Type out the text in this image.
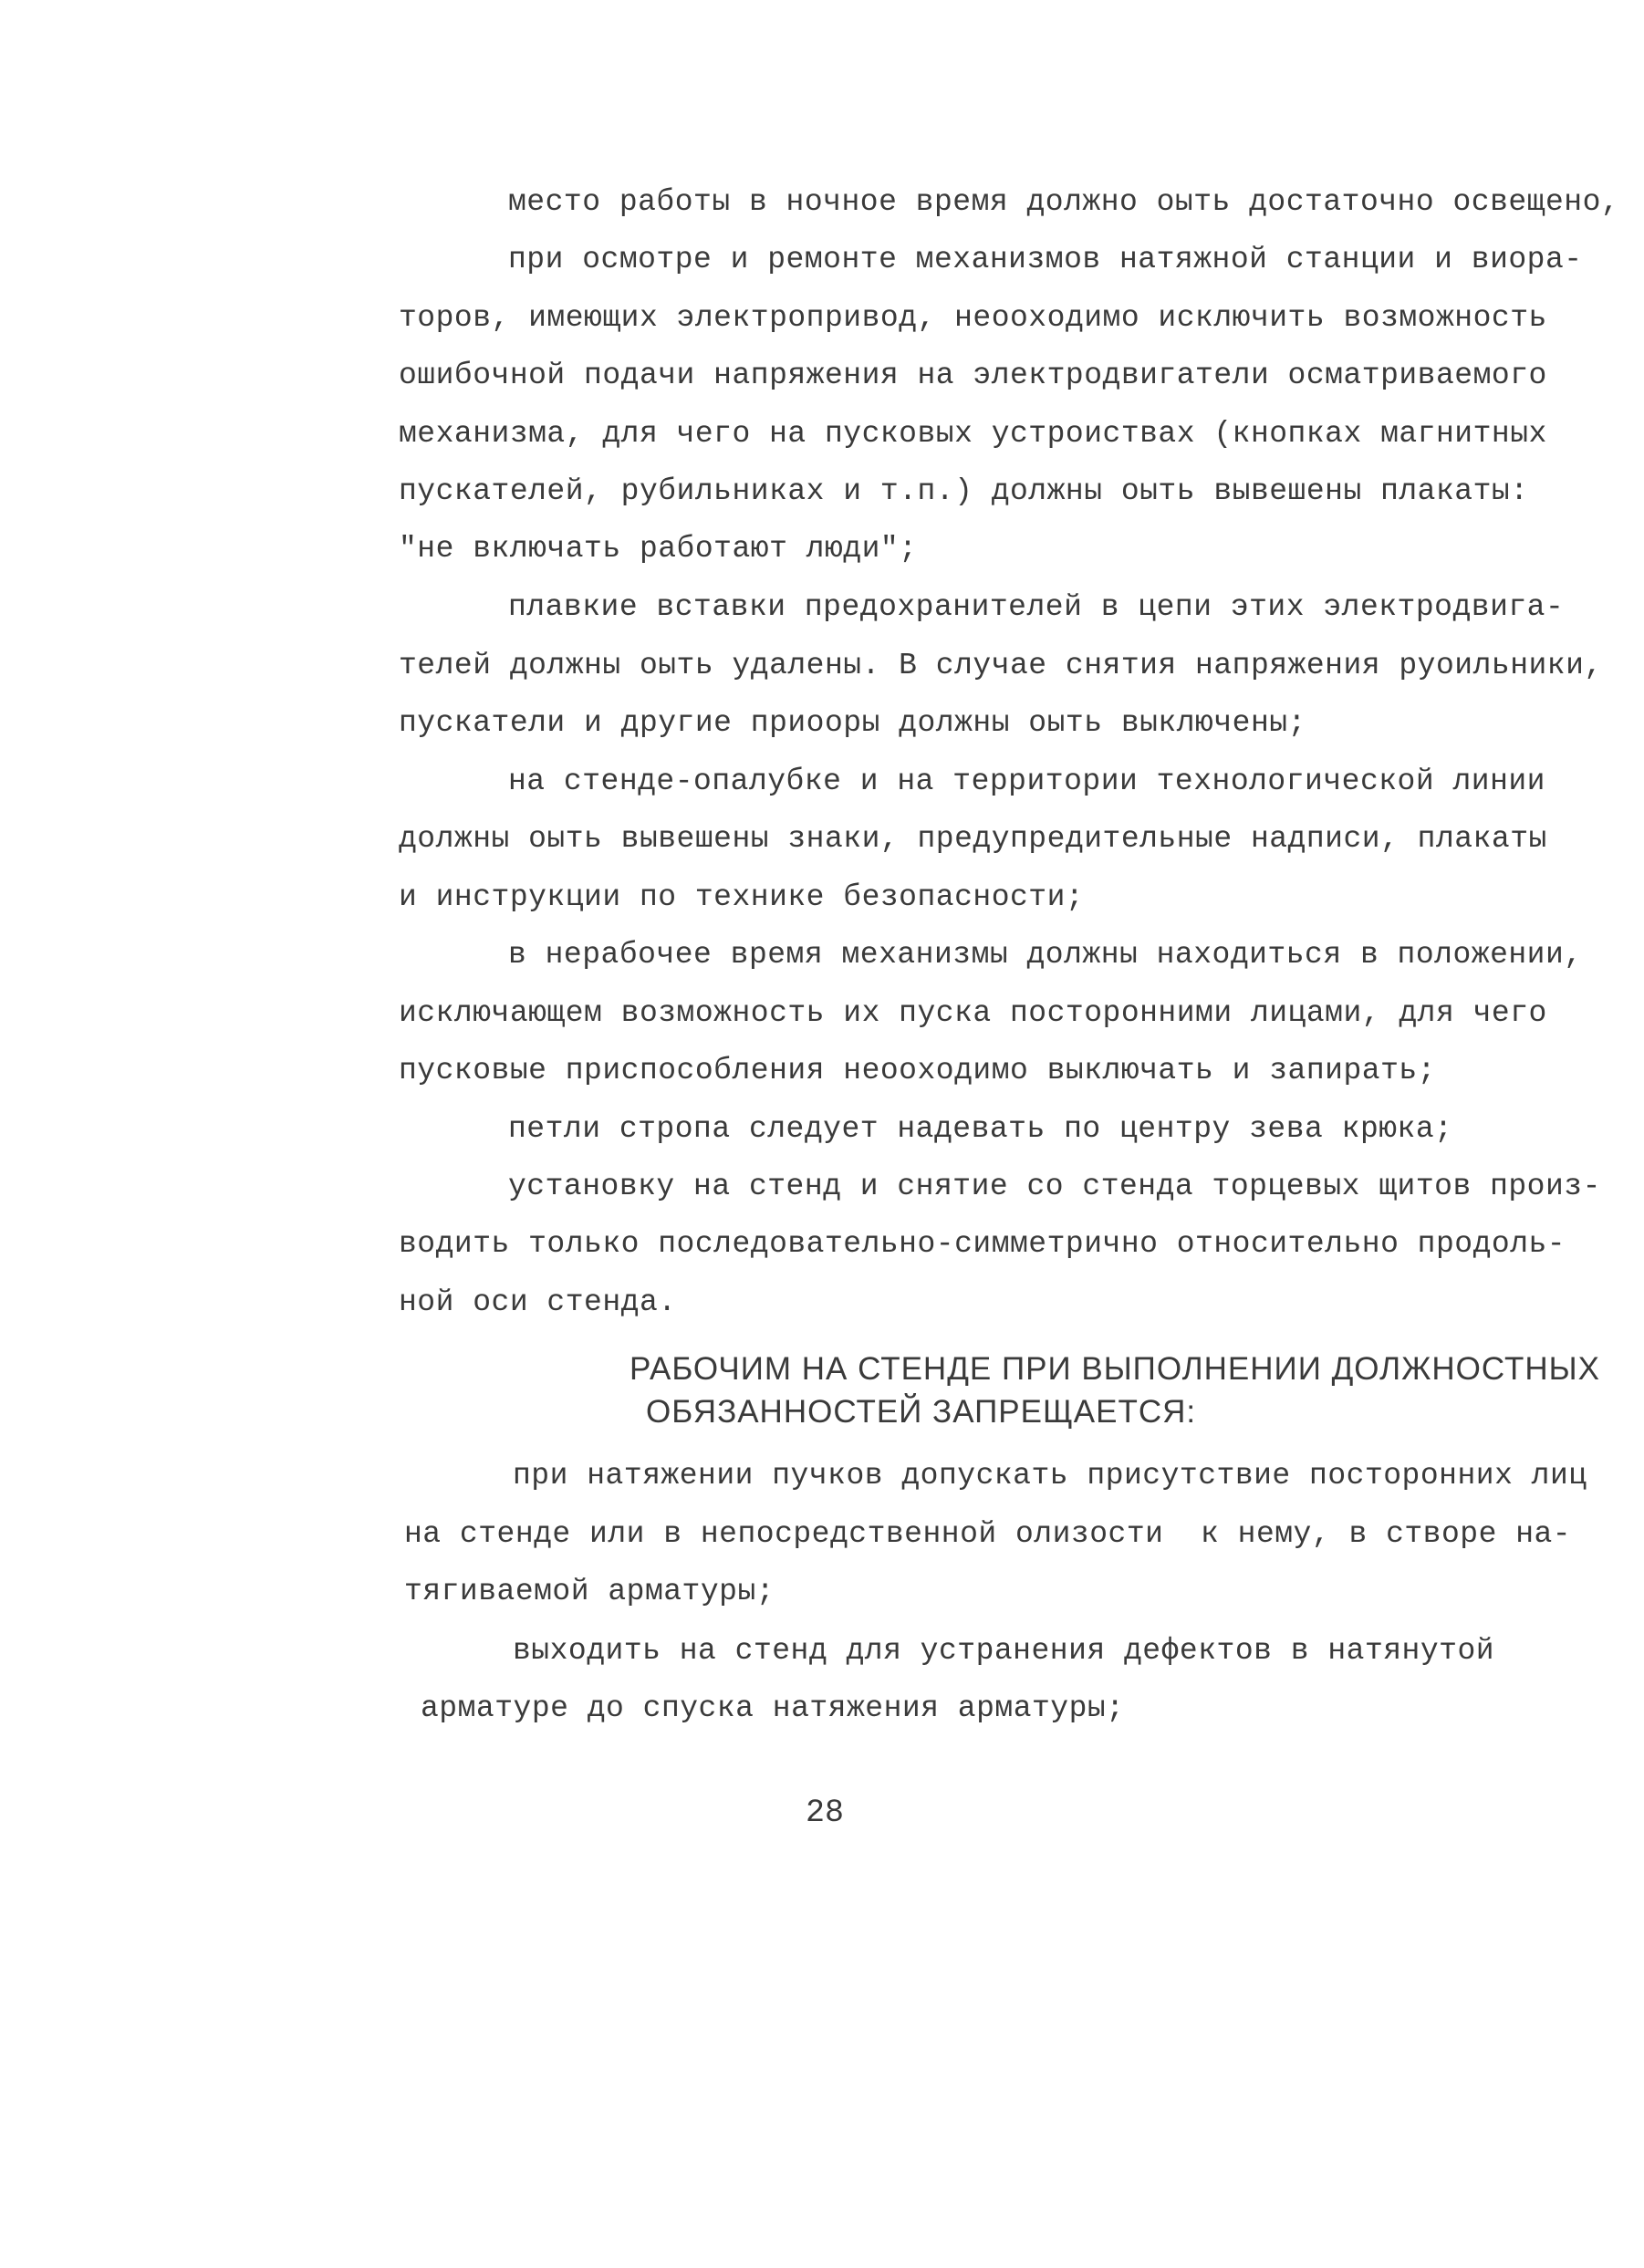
место работы в ночное время должно оыть достаточно освещено,
при осмотре и ремонте механизмов натяжной станции и виора-
торов, имеющих электропривод, неооходимо исключить возможность
ошибочной подачи напряжения на электродвигатели осматриваемого
механизма, для чего на пусковых устроиствах (кнопках магнитных
пускателей, рубильниках и т.п.) должны оыть вывешены плакаты:
"не включать рaботают люди";
плавкие вставки предохранителей в цепи этих электродвига-
телей должны оыть удалены. В случае снятия напряжения руоильники,
пускатели и другие приоoры должны оыть выключены;
на стенде-опалубке и на территории технологической линии
должны оыть вывешены знаки, предупредительные надписи, плакаты
и инструкции по технике безопасности;
в нерабочее время механизмы должны находиться в положении,
исключающем возможность их пуска посторонними лицами, для чего
пусковые приспособления неооходимо выключать и запирать;
петли стропа следует надевать по центру зева крюка;
установку на стенд и снятие со стенда торцевых щитов произ-
водить только последовательно-симметрично относительно продоль-
ной оси стенда.
РАБОЧИМ НА СТЕНДЕ ПРИ ВЫПОЛНЕНИИ ДОЛЖНОСТНЫХ
ОБЯЗАННОСТЕЙ ЗАПРЕЩАЕТСЯ:
при натяжении пучков допускать присутствие посторонних лиц
на стенде или в непосредственной олизости  к нему, в створе на-
тягиваемой арматуры;
выходить на стенд для устранения дефектов в натянутой
арматуре до спуска натяжения арматуры;
28
